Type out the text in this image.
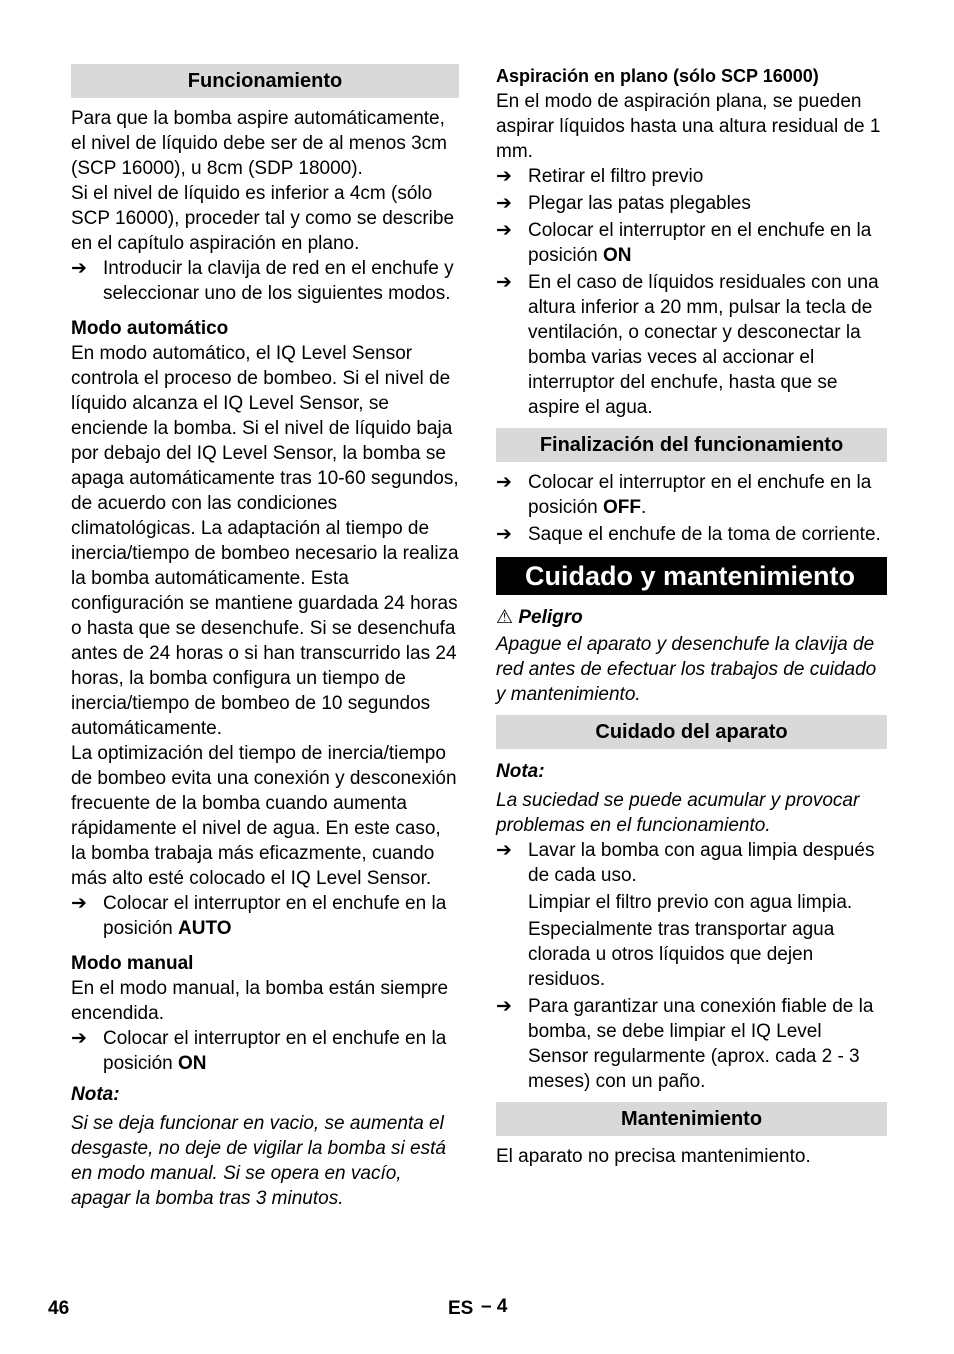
Funcionamiento

Para que la bomba aspire automáticamente, el nivel de líquido debe ser de al menos 3cm (SCP 16000), u 8cm (SDP 18000).

Si el nivel de líquido es inferior a 4cm (sólo SCP 16000), proceder tal y como se describe en el capítulo aspiración en plano.

➔ Introducir la clavija de red en el enchufe y seleccionar uno de los siguientes modos.
Modo automático

En modo automático, el IQ Level Sensor controla el proceso de bombeo. Si el nivel de líquido alcanza el IQ Level Sensor, se enciende la bomba. Si el nivel de líquido baja por debajo del IQ Level Sensor, la bomba se apaga automáticamente tras 10-60 segundos, de acuerdo con las condiciones climatológicas. La adaptación al tiempo de inercia/tiempo de bombeo necesario la realiza la bomba automáticamente. Esta configuración se mantiene guardada 24 horas o hasta que se desenchufe. Si se desenchufa antes de 24 horas o si han transcurrido las 24 horas, la bomba configura un tiempo de inercia/tiempo de bombeo de 10 segundos automáticamente.

La optimización del tiempo de inercia/tiempo de bombeo evita una conexión y desconexión frecuente de la bomba cuando aumenta rápidamente el nivel de agua. En este caso, la bomba trabaja más eficazmente, cuando más alto esté colocado el IQ Level Sensor.

➔ Colocar el interruptor en el enchufe en la posición AUTO
Modo manual

En el modo manual, la bomba están siempre encendida.

➔ Colocar el interruptor en el enchufe en la posición ON
Nota:

Si se deja funcionar en vacio, se aumenta el desgaste, no deje de vigilar la bomba si está en modo manual. Si se opera en vacío, apagar la bomba tras 3 minutos.

Aspiración en plano (sólo SCP 16000)

En el modo de aspiración plana, se pueden aspirar líquidos hasta una altura residual de 1 mm.

➔ Retirar el filtro previo
➔ Plegar las patas plegables
➔ Colocar el interruptor en el enchufe en la posición ON
➔ En el caso de líquidos residuales con una altura inferior a 20 mm, pulsar la tecla de ventilación, o conectar y desconectar la bomba varias veces al accionar el interruptor del enchufe, hasta que se aspire el agua.
Finalización del funcionamiento
➔ Colocar el interruptor en el enchufe en la posición OFF.
➔ Saque el enchufe de la toma de corriente.
Cuidado y mantenimiento
⚠ Peligro

Apague el aparato y desenchufe la clavija de red antes de efectuar los trabajos de cuidado y mantenimiento.

Cuidado del aparato
Nota:

La suciedad se puede acumular y provocar problemas en el funcionamiento.

➔ Lavar la bomba con agua limpia después de cada uso.
Limpiar el filtro previo con agua limpia.
Especialmente tras transportar agua clorada u otros líquidos que dejen residuos.
➔ Para garantizar una conexión fiable de la bomba, se debe limpiar el IQ Level Sensor regularmente (aprox. cada 2 - 3 meses) con un paño.
Mantenimiento

El aparato no precisa mantenimiento.

46	ES – 4
